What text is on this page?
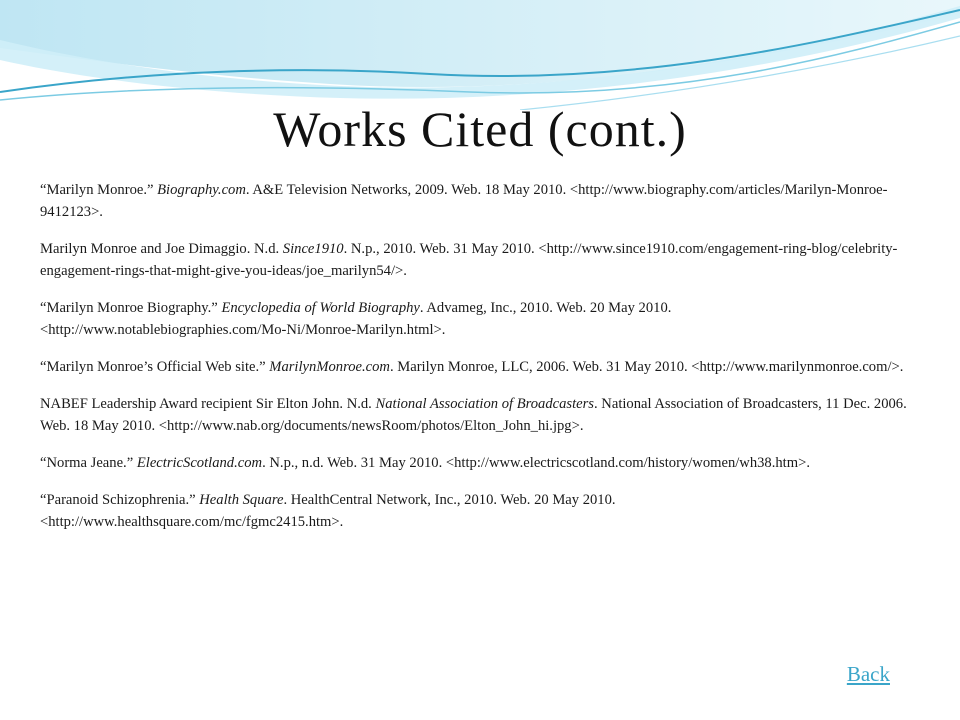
Works Cited (cont.)
“Marilyn Monroe.” Biography.com. A&E Television Networks, 2009. Web. 18 May 2010. <http://www.biography.com/articles/Marilyn-Monroe-9412123>.
Marilyn Monroe and Joe Dimaggio. N.d. Since1910. N.p., 2010. Web. 31 May 2010. <http://www.since1910.com/engagement-ring-blog/celebrity-engagement-rings-that-might-give-you-ideas/joe_marilyn54/>.
“Marilyn Monroe Biography.” Encyclopedia of World Biography. Advameg, Inc., 2010. Web. 20 May 2010. <http://www.notablebiographies.com/Mo-Ni/Monroe-Marilyn.html>.
“Marilyn Monroe’s Official Web site.” MarilynMonroe.com. Marilyn Monroe, LLC, 2006. Web. 31 May 2010. <http://www.marilynmonroe.com/>.
NABEF Leadership Award recipient Sir Elton John. N.d. National Association of Broadcasters. National Association of Broadcasters, 11 Dec. 2006. Web. 18 May 2010. <http://www.nab.org/documents/newsRoom/photos/Elton_John_hi.jpg>.
“Norma Jeane.” ElectricScotland.com. N.p., n.d. Web. 31 May 2010. <http://www.electricscotland.com/history/women/wh38.htm>.
“Paranoid Schizophrenia.” Health Square. HealthCentral Network, Inc., 2010. Web. 20 May 2010. <http://www.healthsquare.com/mc/fgmc2415.htm>.
Back
